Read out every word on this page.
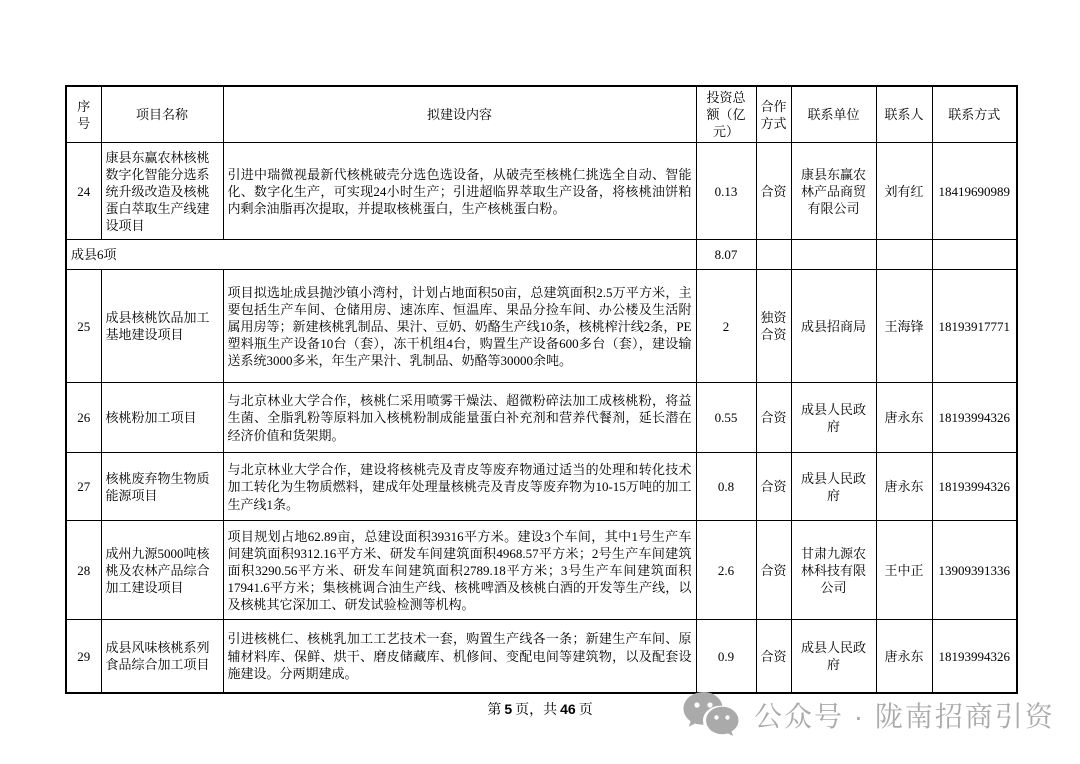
序号	项目名称	拟建设内容	投资总额（亿元）	合作方式	联系单位	联系人	联系方式
24	康县东赢农林核桃数字化智能分选系统升级改造及核桃蛋白萃取生产线建设项目	引进中瑞微视最新代核桃破壳分选色选设备，从破壳至核桃仁挑选全自动、智能化、数字化生产，可实现24小时生产；引进超临界萃取生产设备，将核桃油饼粕内剩余油脂再次提取，并提取核桃蛋白，生产核桃蛋白粉。	0.13	合资	康县东赢农林产品商贸有限公司	刘有红	18419690989
成县6项			8.07				
25	成县核桃饮品加工基地建设项目	项目拟选址成县抛沙镇小湾村，计划占地面积50亩，总建筑面积2.5万平方米，主要包括生产车间、仓储用房、速冻库、恒温库、果品分捡车间、办公楼及生活附属用房等；新建核桃乳制品、果汁、豆奶、奶酪生产线10条，核桃榨汁线2条，PE塑料瓶生产设备10台（套），冻干机组4台，购置生产设备600多台（套），建设输送系统3000多米，年生产果汁、乳制品、奶酪等30000余吨。	2	独资合资	成县招商局	王海锋	18193917771
26	核桃粉加工项目	与北京林业大学合作，核桃仁采用喷雾干燥法、超微粉碎法加工成核桃粉，将益生菌、全脂乳粉等原料加入核桃粉制成能量蛋白补充剂和营养代餐剂，延长潜在经济价值和货架期。	0.55	合资	成县人民政府	唐永东	18193994326
27	核桃废弃物生物质能源项目	与北京林业大学合作，建设将核桃壳及青皮等废弃物通过适当的处理和转化技术加工转化为生物质燃料，建成年处理量核桃壳及青皮等废弃物为10-15万吨的加工生产线1条。	0.8	合资	成县人民政府	唐永东	18193994326
28	成州九源5000吨核桃及农林产品综合加工建设项目	项目规划占地62.89亩，总建设面积39316平方米。建设3个车间，其中1号生产车间建筑面积9312.16平方米、研发车间建筑面积4968.57平方米；2号生产车间建筑面积3290.56平方米、研发车间建筑面积2789.18平方米；3号生产车间建筑面积17941.6平方米；集核桃调合油生产线、核桃啤酒及核桃白酒的开发等生产线，以及核桃其它深加工、研发试验检测等机构。	2.6	合资	甘肃九源农林科技有限公司	王中正	13909391336
29	成县风味核桃系列食品综合加工项目	引进核桃仁、核桃乳加工工艺技术一套，购置生产线各一条；新建生产车间、原辅材料库、保鲜、烘干、磨皮储藏库、机修间、变配电间等建筑物，以及配套设施建设。分两期建成。	0.9	合资	成县人民政府	唐永东	18193994326
第 5 页，共 46 页	公众号 · 陇南招商引资
